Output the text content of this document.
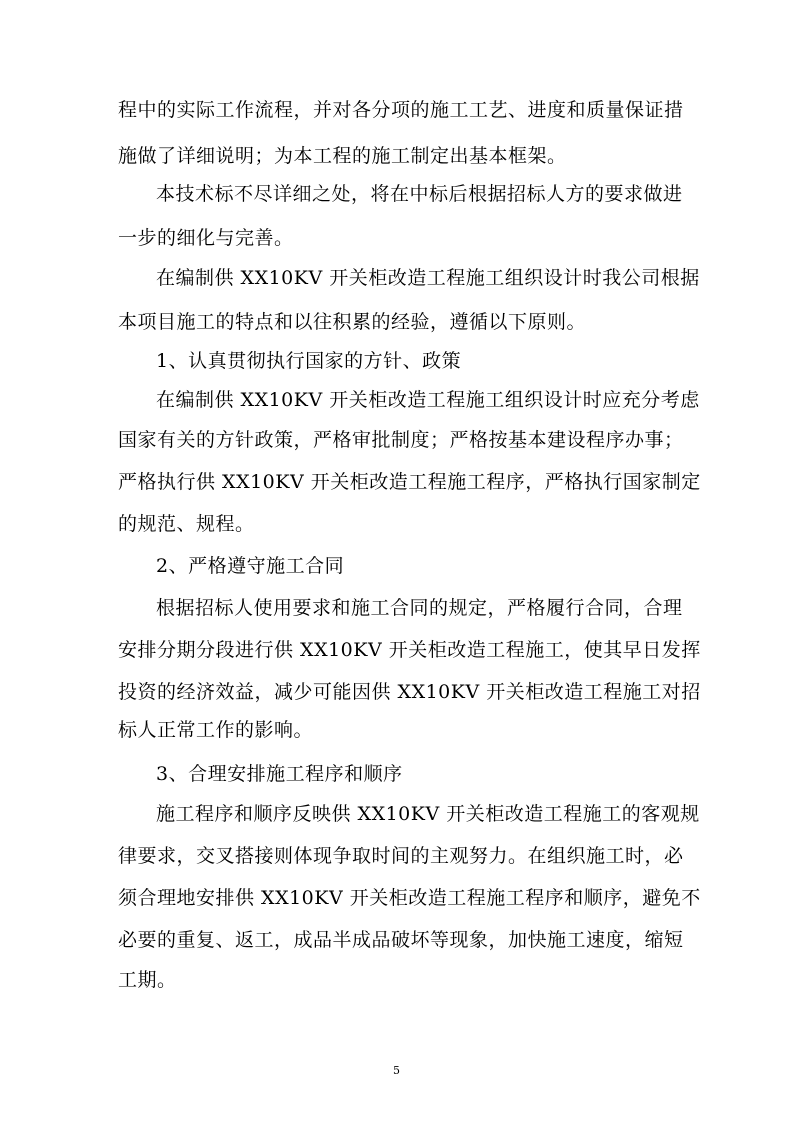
程中的实际工作流程，并对各分项的施工工艺、进度和质量保证措
施做了详细说明；为本工程的施工制定出基本框架。
本技术标不尽详细之处，将在中标后根据招标人方的要求做进
一步的细化与完善。
在编制供 XX10KV 开关柜改造工程施工组织设计时我公司根据
本项目施工的特点和以往积累的经验，遵循以下原则。
1、认真贯彻执行国家的方针、政策
在编制供 XX10KV 开关柜改造工程施工组织设计时应充分考虑
国家有关的方针政策，严格审批制度；严格按基本建设程序办事；
严格执行供 XX10KV 开关柜改造工程施工程序，严格执行国家制定
的规范、规程。
2、严格遵守施工合同
根据招标人使用要求和施工合同的规定，严格履行合同，合理
安排分期分段进行供 XX10KV 开关柜改造工程施工，使其早日发挥
投资的经济效益，减少可能因供 XX10KV 开关柜改造工程施工对招
标人正常工作的影响。
3、合理安排施工程序和顺序
施工程序和顺序反映供 XX10KV 开关柜改造工程施工的客观规
律要求，交叉搭接则体现争取时间的主观努力。在组织施工时，必
须合理地安排供 XX10KV 开关柜改造工程施工程序和顺序，避免不
必要的重复、返工，成品半成品破坏等现象，加快施工速度，缩短
工期。
5
